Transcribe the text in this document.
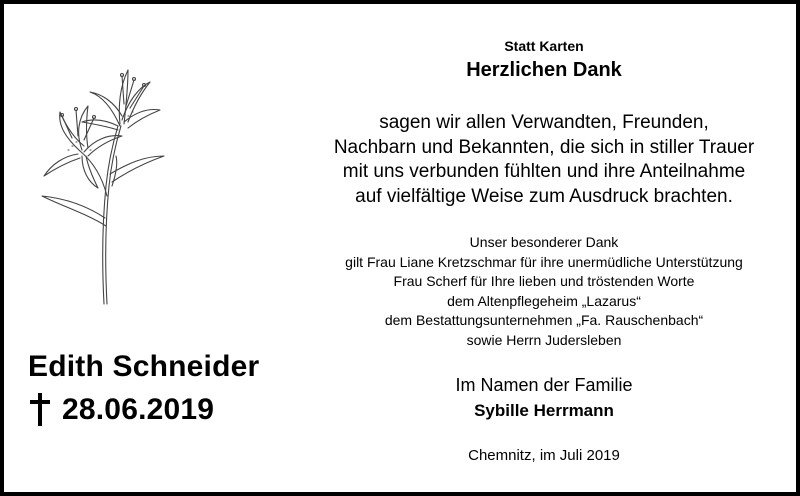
Edith Schneider
28.06.2019
Statt Karten
Herzlichen Dank
sagen wir allen Verwandten, Freunden,
Nachbarn und Bekannten, die sich in stiller Trauer
mit uns verbunden fühlten und ihre Anteilnahme
auf vielfältige Weise zum Ausdruck brachten.
Unser besonderer Dank
gilt Frau Liane Kretzschmar für ihre unermüdliche Unterstützung
Frau Scherf für Ihre lieben und tröstenden Worte
dem Altenpflegeheim „Lazarus“
dem Bestattungsunternehmen „Fa. Rauschenbach“
sowie Herrn Judersleben
Im Namen der Familie
Sybille Herrmann
Chemnitz, im Juli 2019
